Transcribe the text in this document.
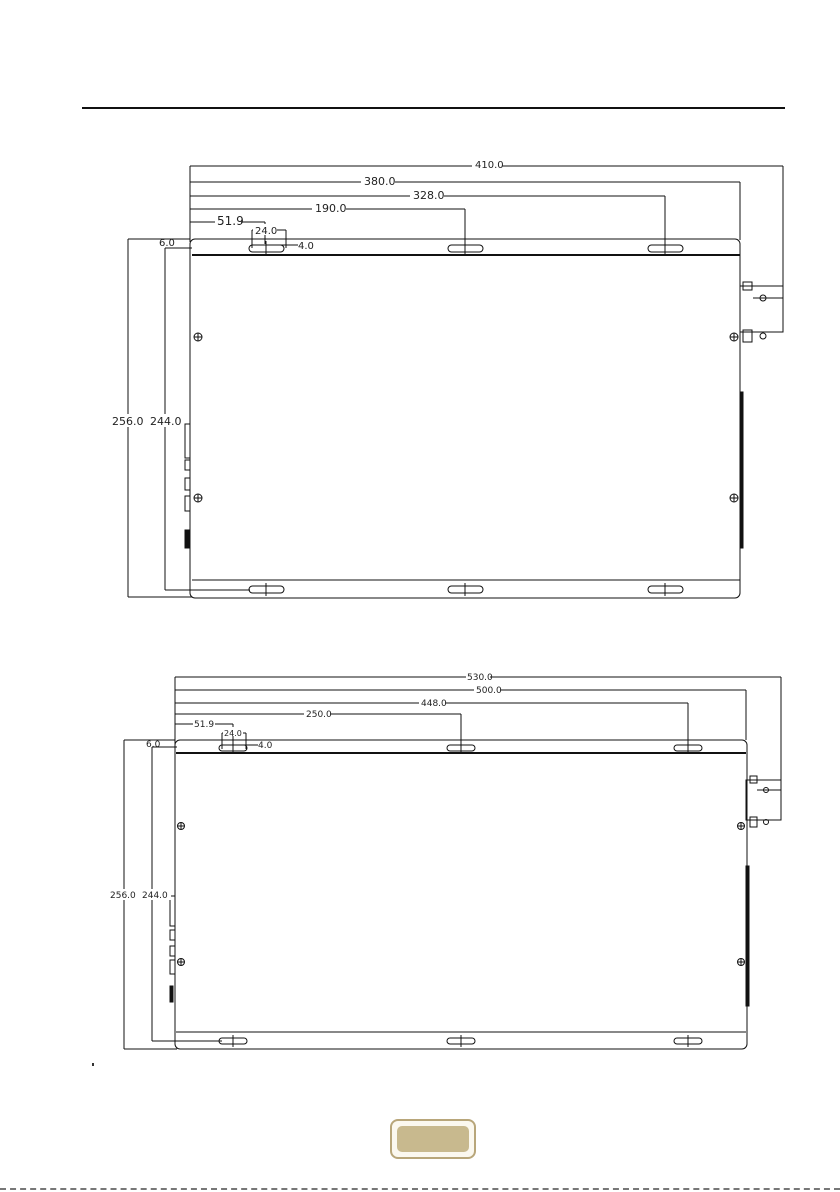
410.0
380.0
328.0
190.0
51.9
24.0
4.0
6.0
256.0 244.0
530.0
500.0
448.0
250.0
51.9
24.0
4.0
6.0
256.0 244.0
